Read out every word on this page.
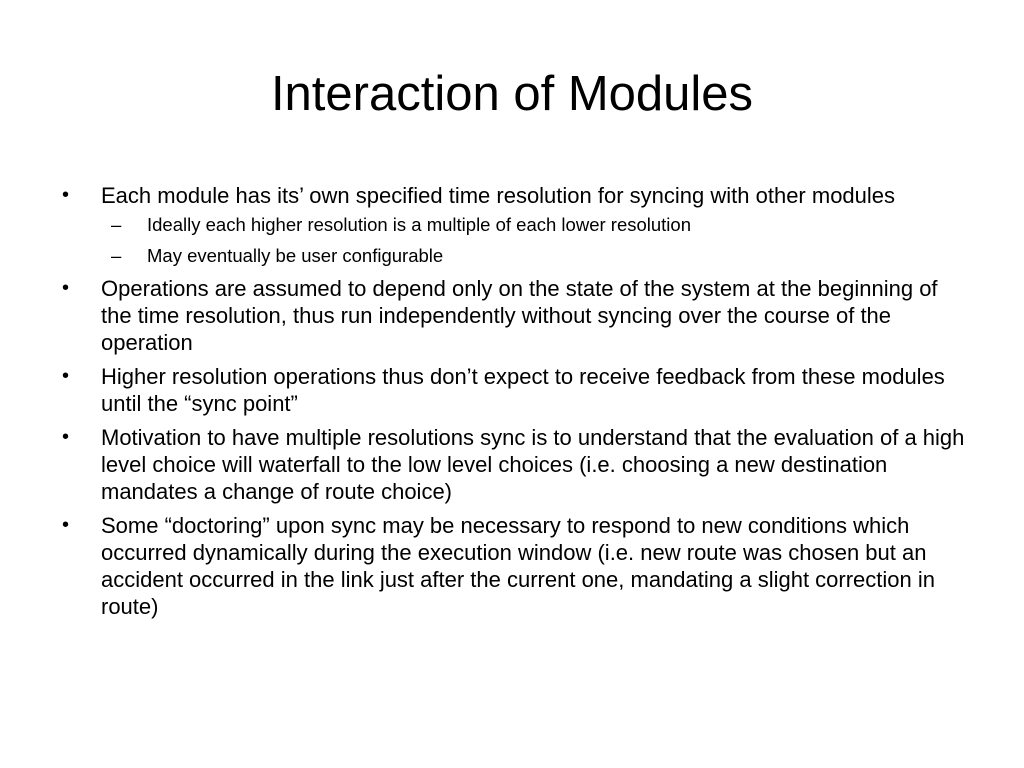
Interaction of Modules
• Each module has its’ own specified time resolution for syncing with other modules
– Ideally each higher resolution is a multiple of each lower resolution
– May eventually be user configurable
• Operations are assumed to depend only on the state of the system at the beginning of the time resolution, thus run independently without syncing over the course of the operation
• Higher resolution operations thus don’t expect to receive feedback from these modules until the “sync point”
• Motivation to have multiple resolutions sync is to understand that the evaluation of a high level choice will waterfall to the low level choices (i.e. choosing a new destination mandates a change of route choice)
• Some “doctoring” upon sync may be necessary to respond to new conditions which occurred dynamically during the execution window (i.e. new route was chosen but an accident occurred in the link just after the current one, mandating a slight correction in route)
